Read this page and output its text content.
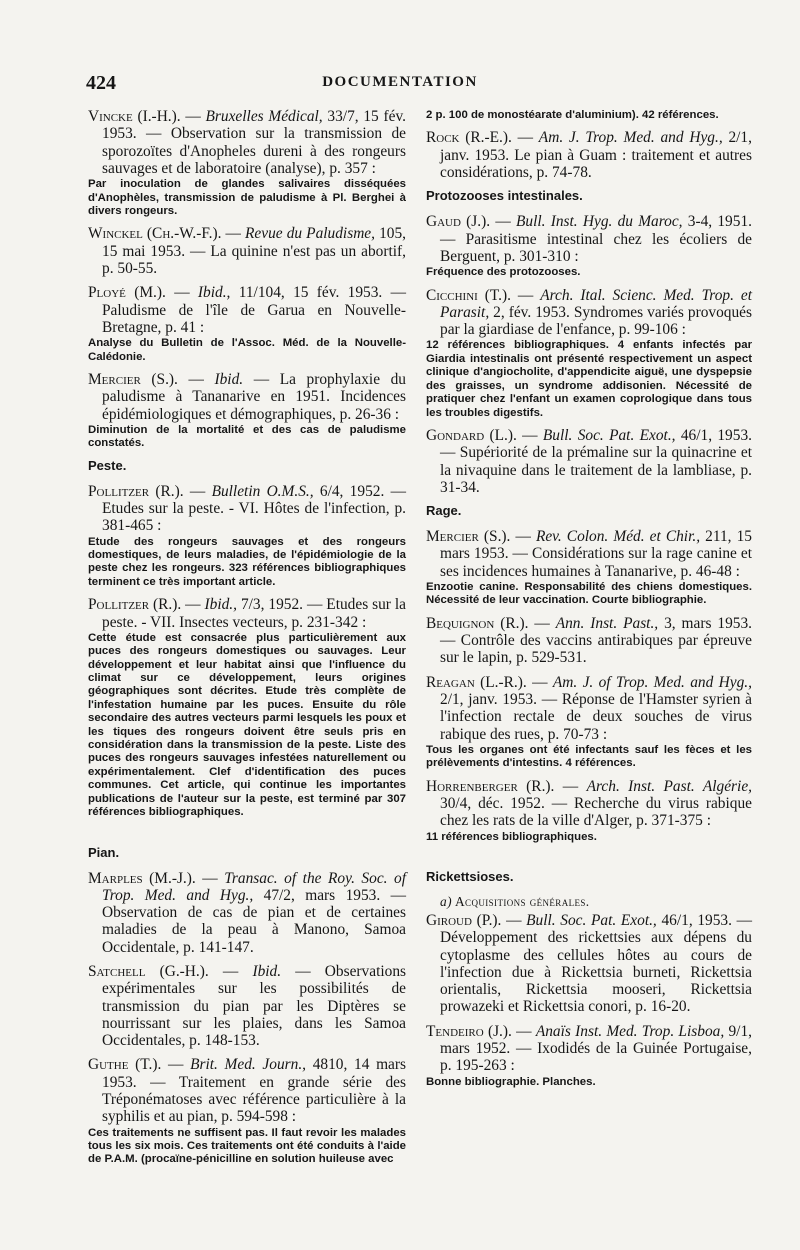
424	DOCUMENTATION

Vincke (I.-H.). — Bruxelles Médical, 33/7, 15 fév. 1953. — Observation sur la transmission de sporozoïtes d'Anopheles dureni à des rongeurs sauvages et de laboratoire (analyse), p. 357 :

Par inoculation de glandes salivaires disséquées d'Anophèles, transmission de paludisme à Pl. Berghei à divers rongeurs.

Winckel (Ch.-W.-F.). — Revue du Paludisme, 105, 15 mai 1953. — La quinine n'est pas un abortif, p. 50-55.

Ployé (M.). — Ibid., 11/104, 15 fév. 1953. — Paludisme de l'île de Garua en Nouvelle-Bretagne, p. 41 :

Analyse du Bulletin de l'Assoc. Méd. de la Nouvelle-Calédonie.

Mercier (S.). — Ibid. — La prophylaxie du paludisme à Tananarive en 1951. Incidences épidémiologiques et démographiques, p. 26-36 :

Diminution de la mortalité et des cas de paludisme constatés.

Peste.

Pollitzer (R.). — Bulletin O.M.S., 6/4, 1952. — Etudes sur la peste. - VI. Hôtes de l'infection, p. 381-465 :

Etude des rongeurs sauvages et des rongeurs domestiques, de leurs maladies, de l'épidémiologie de la peste chez les rongeurs. 323 références bibliographiques terminent ce très important article.

Pollitzer (R.). — Ibid., 7/3, 1952. — Etudes sur la peste. - VII. Insectes vecteurs, p. 231-342 :

Cette étude est consacrée plus particulièrement aux puces des rongeurs domestiques ou sauvages. Leur développement et leur habitat ainsi que l'influence du climat sur ce développement, leurs origines géographiques sont décrites. Etude très complète de l'infestation humaine par les puces. Ensuite du rôle secondaire des autres vecteurs parmi lesquels les poux et les tiques des rongeurs doivent être seuls pris en considération dans la transmission de la peste. Liste des puces des rongeurs sauvages infestées naturellement ou expérimentalement. Clef d'identification des puces communes. Cet article, qui continue les importantes publications de l'auteur sur la peste, est terminé par 307 références bibliographiques.

Pian.

Marples (M.-J.). — Transac. of the Roy. Soc. of Trop. Med. and Hyg., 47/2, mars 1953. — Observation de cas de pian et de certaines maladies de la peau à Manono, Samoa Occidentale, p. 141-147.

Satchell (G.-H.). — Ibid. — Observations expérimentales sur les possibilités de transmission du pian par les Diptères se nourrissant sur les plaies, dans les Samoa Occidentales, p. 148-153.

Guthe (T.). — Brit. Med. Journ., 4810, 14 mars 1953. — Traitement en grande série des Tréponématoses avec référence particulière à la syphilis et au pian, p. 594-598 :

Ces traitements ne suffisent pas. Il faut revoir les malades tous les six mois. Ces traitements ont été conduits à l'aide de P.A.M. (procaïne-pénicilline en solution huileuse avec

2 p. 100 de monostéarate d'aluminium). 42 références.

Rock (R.-E.). — Am. J. Trop. Med. and Hyg., 2/1, janv. 1953. Le pian à Guam : traitement et autres considérations, p. 74-78.

Protozooses intestinales.

Gaud (J.). — Bull. Inst. Hyg. du Maroc, 3-4, 1951. — Parasitisme intestinal chez les écoliers de Berguent, p. 301-310 :

Fréquence des protozooses.

Cicchini (T.). — Arch. Ital. Scienc. Med. Trop. et Parasit, 2, fév. 1953. Syndromes variés provoqués par la giardiase de l'enfance, p. 99-106 :

12 références bibliographiques. 4 enfants infectés par Giardia intestinalis ont présenté respectivement un aspect clinique d'angiocholite, d'appendicite aiguë, une dyspepsie des graisses, un syndrome addisonien. Nécessité de pratiquer chez l'enfant un examen coprologique dans tous les troubles digestifs.

Gondard (L.). — Bull. Soc. Pat. Exot., 46/1, 1953. — Supériorité de la prémaline sur la quinacrine et la nivaquine dans le traitement de la lambliase, p. 31-34.

Rage.

Mercier (S.). — Rev. Colon. Méd. et Chir., 211, 15 mars 1953. — Considérations sur la rage canine et ses incidences humaines à Tananarive, p. 46-48 :

Enzootie canine. Responsabilité des chiens domestiques. Nécessité de leur vaccination. Courte bibliographie.

Bequignon (R.). — Ann. Inst. Past., 3, mars 1953. — Contrôle des vaccins antirabiques par épreuve sur le lapin, p. 529-531.

Reagan (L.-R.). — Am. J. of Trop. Med. and Hyg., 2/1, janv. 1953. — Réponse de l'Hamster syrien à l'infection rectale de deux souches de virus rabique des rues, p. 70-73 :

Tous les organes ont été infectants sauf les fèces et les prélèvements d'intestins. 4 références.

Horrenberger (R.). — Arch. Inst. Past. Algérie, 30/4, déc. 1952. — Recherche du virus rabique chez les rats de la ville d'Alger, p. 371-375 :

11 références bibliographiques.

Rickettsioses.
a) Acquisitions générales.

Giroud (P.). — Bull. Soc. Pat. Exot., 46/1, 1953. — Développement des rickettsies aux dépens du cytoplasme des cellules hôtes au cours de l'infection due à Rickettsia burneti, Rickettsia orientalis, Rickettsia mooseri, Rickettsia prowazeki et Rickettsia conori, p. 16-20.

Tendeiro (J.). — Anaïs Inst. Med. Trop. Lisboa, 9/1, mars 1952. — Ixodidés de la Guinée Portugaise, p. 195-263 :

Bonne bibliographie. Planches.
